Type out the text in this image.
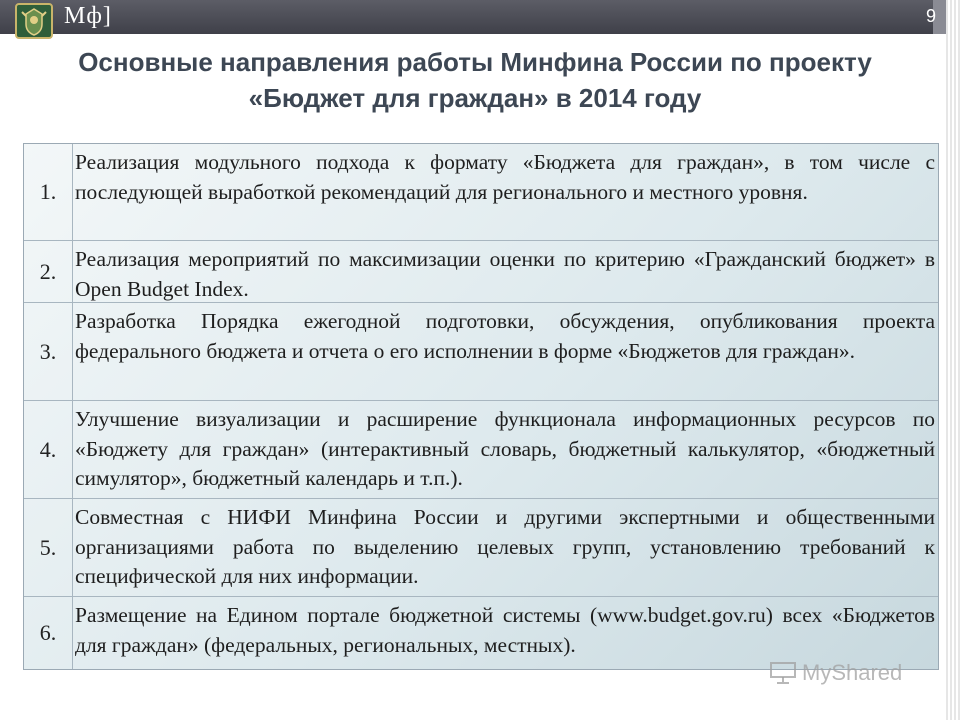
Мф]	9
Основные направления работы Минфина России по проекту
«Бюджет для граждан» в 2014 году
1.
Реализация модульного подхода к формату «Бюджета для граждан», в том числе с последующей выработкой рекомендаций для регионального и местного уровня.
2. Реализация мероприятий по максимизации оценки по критерию «Гражданский бюджет» в Open Budget Index.
3.
Разработка Порядка ежегодной подготовки, обсуждения, опубликования проекта федерального бюджета и отчета о его исполнении в форме «Бюджетов для граждан».
4.
Улучшение визуализации и расширение функционала информационных ресурсов по «Бюджету для граждан» (интерактивный словарь, бюджетный калькулятор, «бюджетный симулятор», бюджетный календарь и т.п.).
5.
Совместная с НИФИ Минфина России и другими экспертными и общественными организациями работа по выделению целевых групп, установлению требований к специфической для них информации.
6.
Размещение на Едином портале бюджетной системы (www.budget.gov.ru) всех «Бюджетов для граждан» (федеральных, региональных, местных).
MyShared
